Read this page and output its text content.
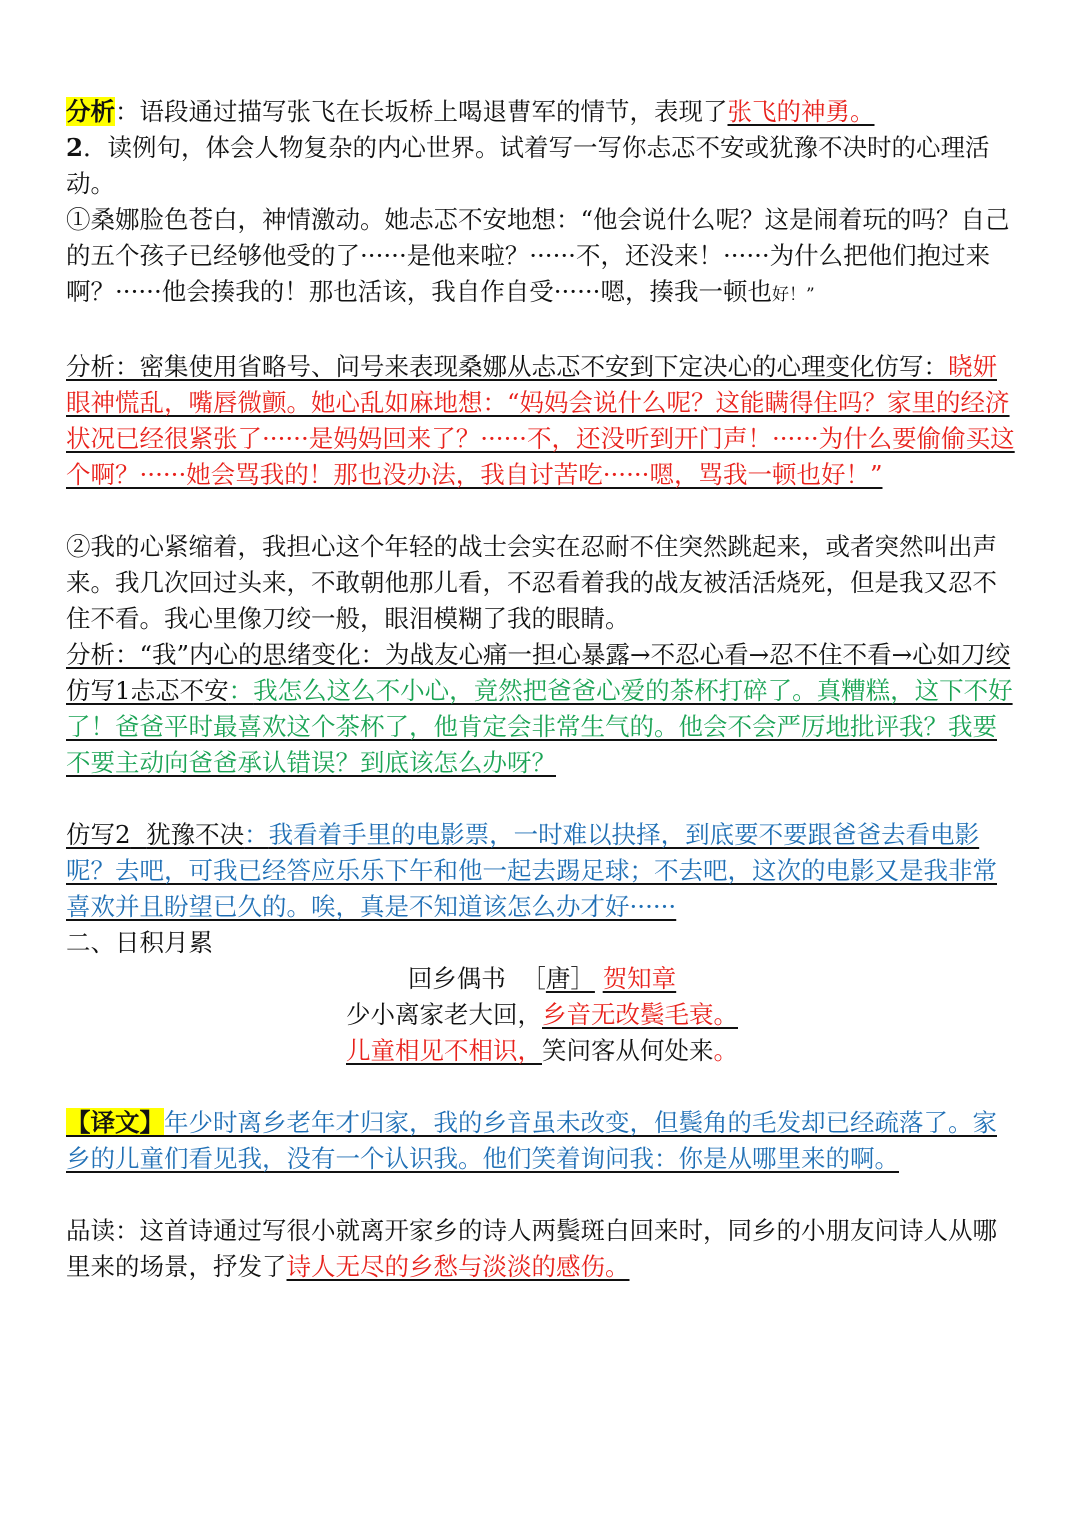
分析：语段通过描写张飞在长坂桥上喝退曹军的情节，表现了张飞的神勇。

2．读例句，体会人物复杂的内心世界。试着写一写你忐忑不安或犹豫不决时的心理活动。

①桑娜脸色苍白，神情激动。她忐忑不安地想：“他会说什么呢？这是闹着玩的吗？自己的五个孩子已经够他受的了······是他来啦？······不，还没来！······为什么把他们抱过来啊？······他会揍我的！那也活该，我自作自受······嗯，揍我一顿也好！”

分析：密集使用省略号、问号来表现桑娜从忐忑不安到下定决心的心理变化仿写：晓妍眼神慌乱，嘴唇微颤。她心乱如麻地想：“妈妈会说什么呢？这能瞒得住吗？家里的经济状况已经很紧张了······是妈妈回来了？······不，还没听到开门声！······为什么要偷偷买这个啊？······她会骂我的！那也没办法，我自讨苦吃······嗯，骂我一顿也好！”

②我的心紧缩着，我担心这个年轻的战士会实在忍耐不住突然跳起来，或者突然叫出声来。我几次回过头来，不敢朝他那儿看，不忍看着我的战友被活活烧死，但是我又忍不住不看。我心里像刀绞一般，眼泪模糊了我的眼睛。

分析：“我”内心的思绪变化：为战友心痛一担心暴露→不忍心看→忍不住不看→心如刀绞

仿写1忐忑不安：我怎么这么不小心，竟然把爸爸心爱的茶杯打碎了。真糟糕，这下不好了！爸爸平时最喜欢这个茶杯了，他肯定会非常生气的。他会不会严厉地批评我？我要不要主动向爸爸承认错误？到底该怎么办呀？

仿写2 犹豫不决：我看着手里的电影票，一时难以抉择，到底要不要跟爸爸去看电影呢？去吧，可我已经答应乐乐下午和他一起去踢足球；不去吧，这次的电影又是我非常喜欢并且盼望已久的。唉，真是不知道该怎么办才好······

二、日积月累

回乡偶书 ［唐］ 贺知章

少小离家老大回，乡音无改鬓毛衰。

儿童相见不相识，笑问客从何处来。

【译文】年少时离乡老年才归家，我的乡音虽未改变，但鬓角的毛发却已经疏落了。家乡的儿童们看见我，没有一个认识我。他们笑着询问我：你是从哪里来的啊。

品读：这首诗通过写很小就离开家乡的诗人两鬓斑白回来时，同乡的小朋友问诗人从哪里来的场景，抒发了诗人无尽的乡愁与淡淡的感伤。
